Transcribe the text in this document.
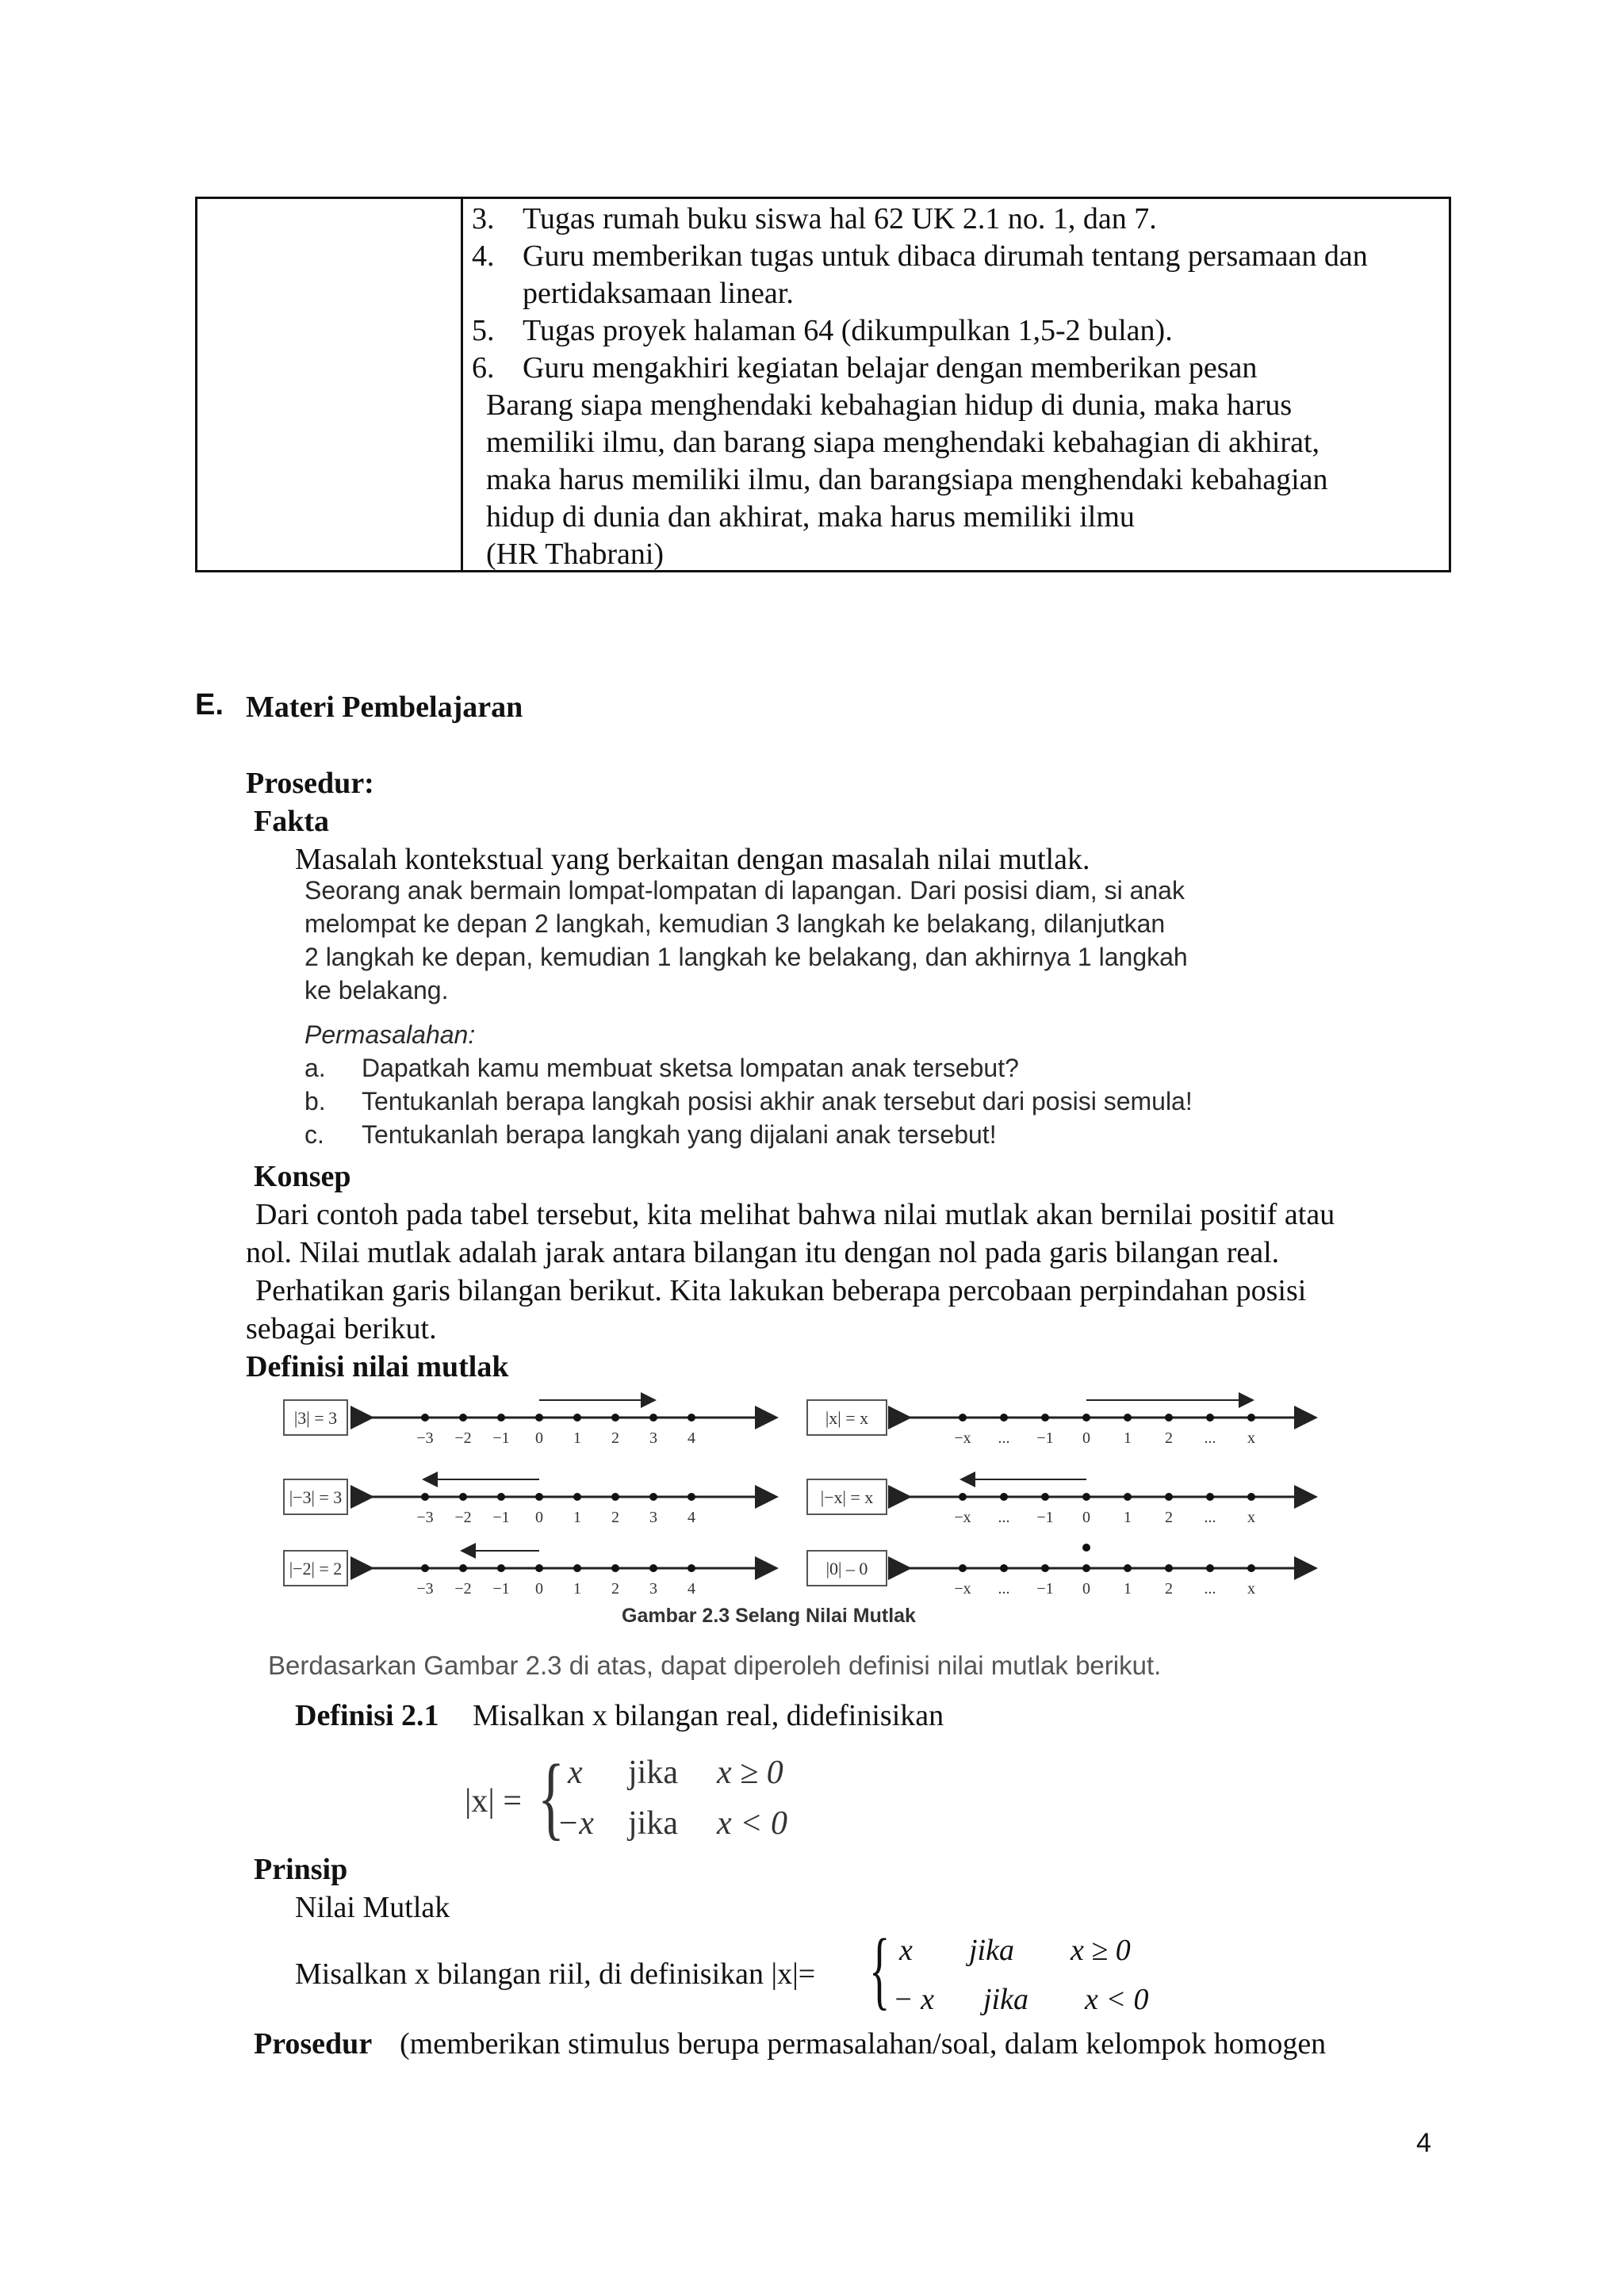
3. Tugas rumah buku siswa hal 62 UK 2.1 no. 1, dan 7.
4. Guru memberikan tugas untuk dibaca dirumah tentang persamaan dan
pertidaksamaan linear.
5. Tugas proyek halaman 64 (dikumpulkan 1,5-2 bulan).
6. Guru mengakhiri kegiatan belajar dengan memberikan pesan
Barang siapa menghendaki kebahagian hidup di dunia, maka harus
memiliki ilmu, dan barang siapa menghendaki kebahagian di akhirat,
maka harus memiliki ilmu, dan barangsiapa menghendaki kebahagian
hidup di dunia dan akhirat, maka harus memiliki ilmu
(HR Thabrani)
E. Materi Pembelajaran
Prosedur:
Fakta
Masalah kontekstual yang berkaitan dengan masalah nilai mutlak.
Seorang anak bermain lompat-lompatan di lapangan. Dari posisi diam, si anak
melompat ke depan 2 langkah, kemudian 3 langkah ke belakang, dilanjutkan
2 langkah ke depan, kemudian 1 langkah ke belakang, dan akhirnya 1 langkah
ke belakang.
Permasalahan:
a. Dapatkah kamu membuat sketsa lompatan anak tersebut?
b. Tentukanlah berapa langkah posisi akhir anak tersebut dari posisi semula!
c. Tentukanlah berapa langkah yang dijalani anak tersebut!
Konsep
Dari contoh pada tabel tersebut, kita melihat bahwa nilai mutlak akan bernilai positif atau
nol. Nilai mutlak adalah jarak antara bilangan itu dengan nol pada garis bilangan real.
Perhatikan garis bilangan berikut. Kita lakukan beberapa percobaan perpindahan posisi
sebagai berikut.
Definisi nilai mutlak
|3| = 3
−3 −2 −1 0 1 2 3 4
|−3| = 3
−3 −2 −1 0 1 2 3 4
|−2| = 2
−3 −2 −1 0 1 2 3 4
|x| = x
−x ... −1 0 1 2 ... x
|−x| = x
−x ... −1 0 1 2 ... x
|0| – 0
−x ... −1 0 1 2 ... x
Gambar 2.3 Selang Nilai Mutlak
Berdasarkan Gambar 2.3 di atas, dapat diperoleh definisi nilai mutlak berikut.
Definisi 2.1 Misalkan x bilangan real, didefinisikan
|x| = { x jika x ≥ 0
−x jika x < 0
Prinsip
Nilai Mutlak
Misalkan x bilangan riil, di definisikan |x|= { x jika x ≥ 0
− x jika x < 0
Prosedur (memberikan stimulus berupa permasalahan/soal, dalam kelompok homogen
4
